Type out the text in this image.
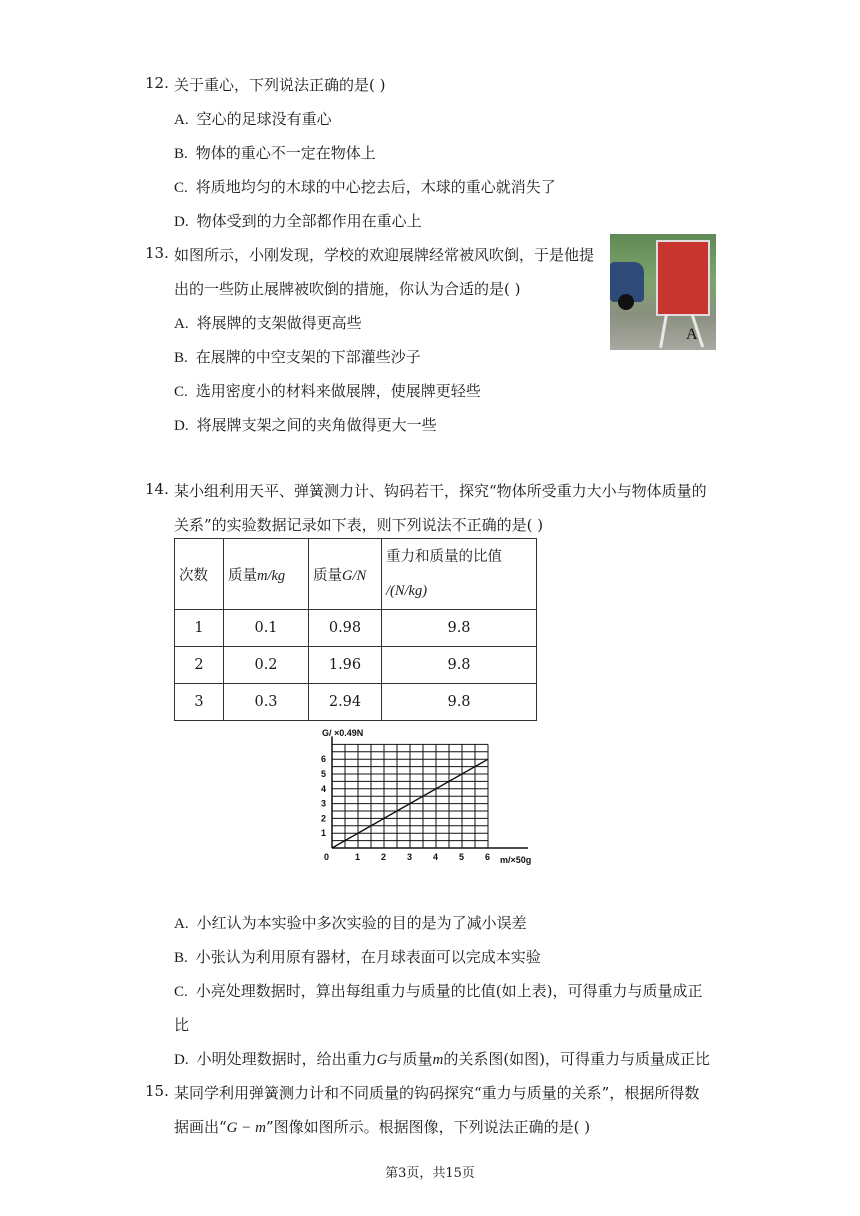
12. 关于重心，下列说法正确的是( )
A. 空心的足球没有重心
B. 物体的重心不一定在物体上
C. 将质地均匀的木球的中心挖去后，木球的重心就消失了
D. 物体受到的力全部都作用在重心上
13. 如图所示，小刚发现，学校的欢迎展牌经常被风吹倒，于是他提
出的一些防止展牌被吹倒的措施，你认为合适的是( )
A
A. 将展牌的支架做得更高些
B. 在展牌的中空支架的下部灌些沙子
C. 选用密度小的材料来做展牌，使展牌更轻些
D. 将展牌支架之间的夹角做得更大一些
14. 某小组利用天平、弹簧测力计、钩码若干，探究“物体所受重力大小与物体质量的
关系”的实验数据记录如下表，则下列说法不正确的是( )
次数	质量m/kg	质量G/N	重力和质量的比值
/(N/kg)
1	0.1	0.98	9.8
2	0.2	1.96	9.8
3	0.3	2.94	9.8
0	1 2 3 4 5 6
1
2
3
4
5
6
G/ ×0.49N
m/×50g
A. 小红认为本实验中多次实验的目的是为了减小误差
B. 小张认为利用原有器材，在月球表面可以完成本实验
C. 小亮处理数据时，算出每组重力与质量的比值(如上表)，可得重力与质量成正
比
D. 小明处理数据时，给出重力G与质量m的关系图(如图)，可得重力与质量成正比
15. 某同学利用弹簧测力计和不同质量的钩码探究“重力与质量的关系”，根据所得数
据画出“G − m”图像如图所示。根据图像，下列说法正确的是( )
第3页，共15页
